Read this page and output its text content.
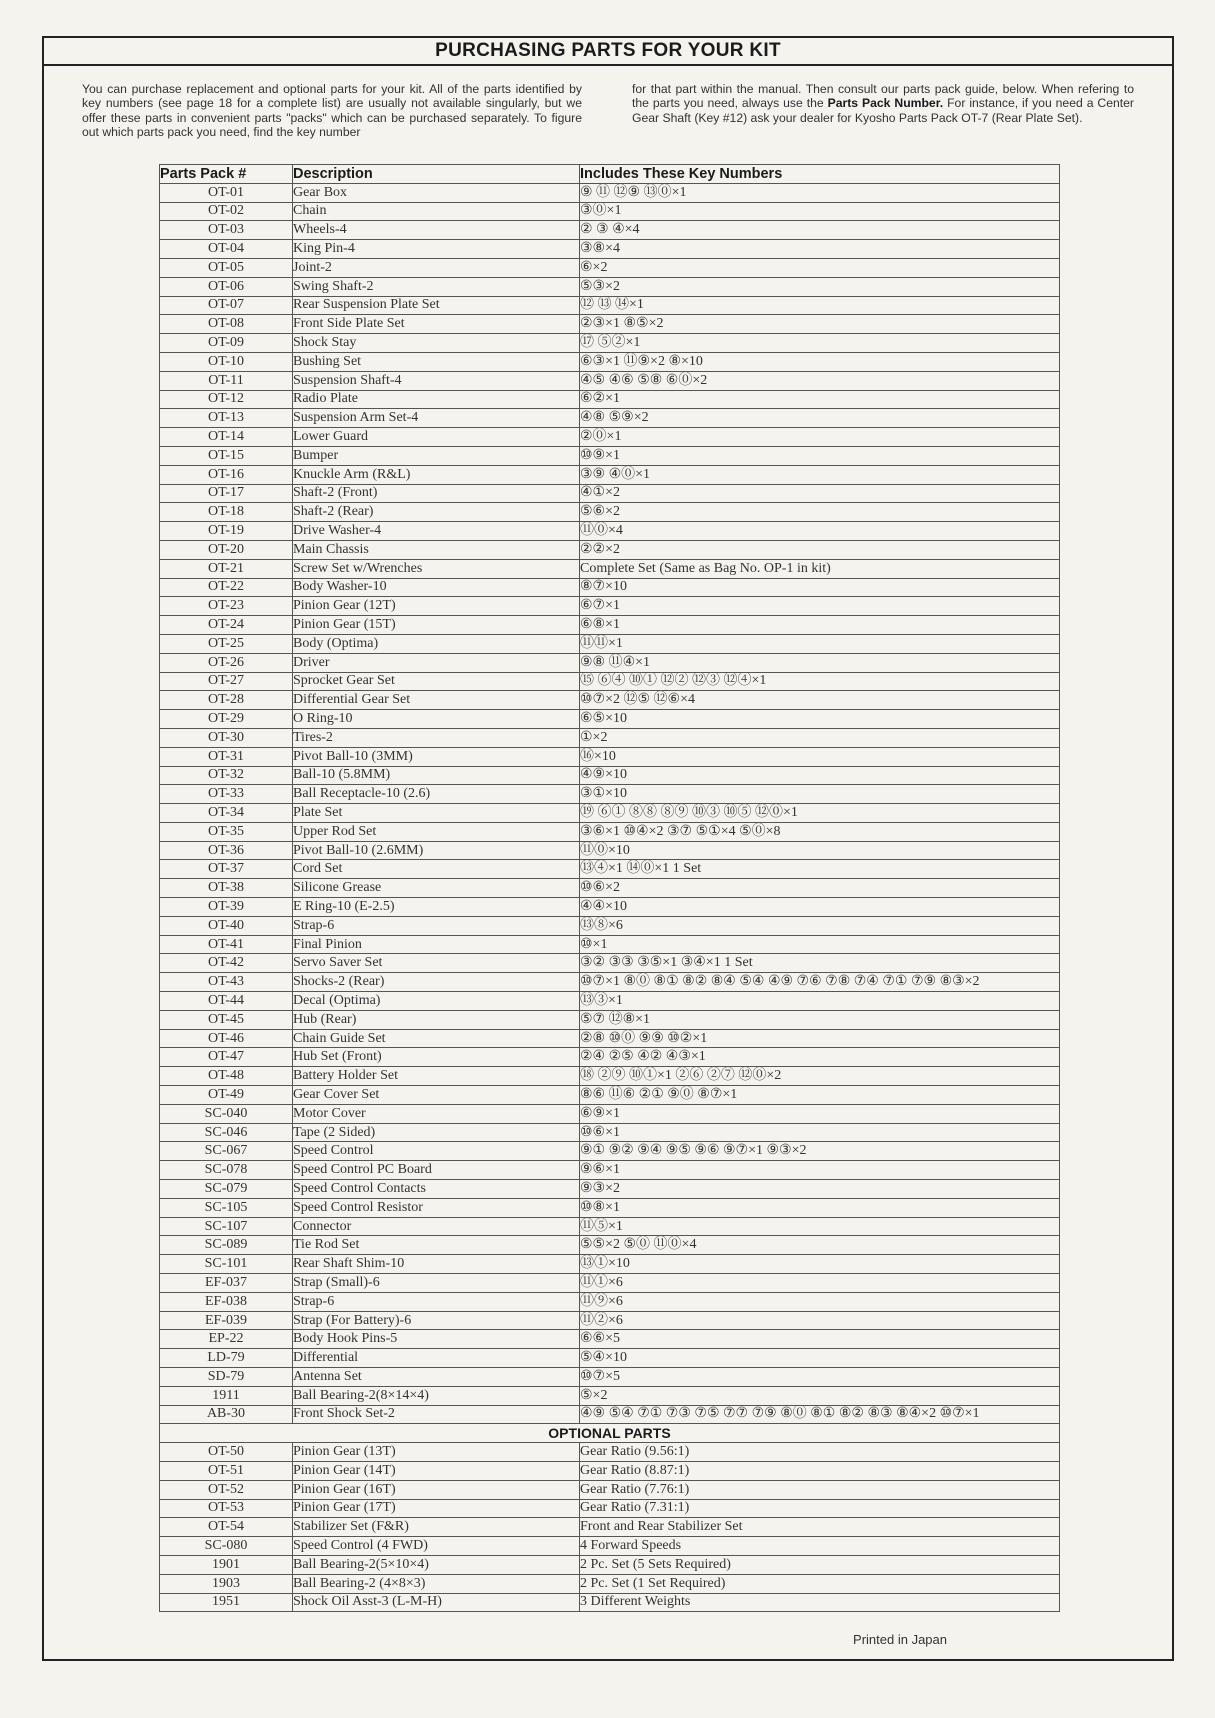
PURCHASING PARTS FOR YOUR KIT
You can purchase replacement and optional parts for your kit. All of the parts identified by key numbers (see page 18 for a complete list) are usually not available singularly, but we offer these parts in convenient parts "packs" which can be purchased separately. To figure out which parts pack you need, find the key number
for that part within the manual. Then consult our parts pack guide, below. When refering to the parts you need, always use the Parts Pack Number. For instance, if you need a Center Gear Shaft (Key #12) ask your dealer for Kyosho Parts Pack OT-7 (Rear Plate Set).
Parts Pack #	Description	Includes These Key Numbers
OT-01	Gear Box	⑨ ⑪ ⑫⑨ ⑬⓪×1
OT-02	Chain	③⓪×1
OT-03	Wheels-4	② ③ ④×4
OT-04	King Pin-4	③⑧×4
OT-05	Joint-2	⑥×2
OT-06	Swing Shaft-2	⑤③×2
OT-07	Rear Suspension Plate Set	⑫ ⑬ ⑭×1
OT-08	Front Side Plate Set	②③×1 ⑧⑤×2
OT-09	Shock Stay	⑰ ⑤②×1
OT-10	Bushing Set	⑥③×1 ⑪⑨×2 ⑧×10
OT-11	Suspension Shaft-4	④⑤ ④⑥ ⑤⑧ ⑥⓪×2
OT-12	Radio Plate	⑥②×1
OT-13	Suspension Arm Set-4	④⑧ ⑤⑨×2
OT-14	Lower Guard	②⓪×1
OT-15	Bumper	⑩⑨×1
OT-16	Knuckle Arm (R&L)	③⑨ ④⓪×1
OT-17	Shaft-2 (Front)	④①×2
OT-18	Shaft-2 (Rear)	⑤⑥×2
OT-19	Drive Washer-4	⑪⓪×4
OT-20	Main Chassis	②②×2
OT-21	Screw Set w/Wrenches	Complete Set (Same as Bag No. OP-1 in kit)
OT-22	Body Washer-10	⑧⑦×10
OT-23	Pinion Gear (12T)	⑥⑦×1
OT-24	Pinion Gear (15T)	⑥⑧×1
OT-25	Body (Optima)	⑪⑪×1
OT-26	Driver	⑨⑧ ⑪④×1
OT-27	Sprocket Gear Set	⑮ ⑥④ ⑩① ⑫② ⑫③ ⑫④×1
OT-28	Differential Gear Set	⑩⑦×2 ⑫⑤ ⑫⑥×4
OT-29	O Ring-10	⑥⑤×10
OT-30	Tires-2	①×2
OT-31	Pivot Ball-10 (3MM)	⑯×10
OT-32	Ball-10 (5.8MM)	④⑨×10
OT-33	Ball Receptacle-10 (2.6)	③①×10
OT-34	Plate Set	⑲ ⑥① ⑧⑧ ⑧⑨ ⑩③ ⑩⑤ ⑫⓪×1
OT-35	Upper Rod Set	③⑥×1 ⑩④×2 ③⑦ ⑤①×4 ⑤⓪×8
OT-36	Pivot Ball-10 (2.6MM)	⑪⓪×10
OT-37	Cord Set	⑬④×1 ⑭⓪×1 1 Set
OT-38	Silicone Grease	⑩⑥×2
OT-39	E Ring-10 (E-2.5)	④④×10
OT-40	Strap-6	⑬⑧×6
OT-41	Final Pinion	⑩×1
OT-42	Servo Saver Set	③② ③③ ③⑤×1 ③④×1 1 Set
OT-43	Shocks-2 (Rear)	⑩⑦×1 ⑧⓪ ⑧① ⑧② ⑧④ ⑤④ ④⑨ ⑦⑥ ⑦⑧ ⑦④ ⑦① ⑦⑨ ⑧③×2
OT-44	Decal (Optima)	⑬③×1
OT-45	Hub (Rear)	⑤⑦ ⑫⑧×1
OT-46	Chain Guide Set	②⑧ ⑩⓪ ⑨⑨ ⑩②×1
OT-47	Hub Set (Front)	②④ ②⑤ ④② ④③×1
OT-48	Battery Holder Set	⑱ ②⑨ ⑩①×1 ②⑥ ②⑦ ⑫⓪×2
OT-49	Gear Cover Set	⑧⑥ ⑪⑥ ②① ⑨⓪ ⑧⑦×1
SC-040	Motor Cover	⑥⑨×1
SC-046	Tape (2 Sided)	⑩⑥×1
SC-067	Speed Control	⑨① ⑨② ⑨④ ⑨⑤ ⑨⑥ ⑨⑦×1 ⑨③×2
SC-078	Speed Control PC Board	⑨⑥×1
SC-079	Speed Control Contacts	⑨③×2
SC-105	Speed Control Resistor	⑩⑧×1
SC-107	Connector	⑪⑤×1
SC-089	Tie Rod Set	⑤⑤×2 ⑤⓪ ⑪⓪×4
SC-101	Rear Shaft Shim-10	⑬①×10
EF-037	Strap (Small)-6	⑪①×6
EF-038	Strap-6	⑪⑨×6
EF-039	Strap (For Battery)-6	⑪②×6
EP-22	Body Hook Pins-5	⑥⑥×5
LD-79	Differential	⑤④×10
SD-79	Antenna Set	⑩⑦×5
1911	Ball Bearing-2(8×14×4)	⑤×2
AB-30	Front Shock Set-2	④⑨ ⑤④ ⑦① ⑦③ ⑦⑤ ⑦⑦ ⑦⑨ ⑧⓪ ⑧① ⑧② ⑧③ ⑧④×2 ⑩⑦×1
OPTIONAL PARTS		
OT-50	Pinion Gear (13T)	Gear Ratio (9.56:1)
OT-51	Pinion Gear (14T)	Gear Ratio (8.87:1)
OT-52	Pinion Gear (16T)	Gear Ratio (7.76:1)
OT-53	Pinion Gear (17T)	Gear Ratio (7.31:1)
OT-54	Stabilizer Set (F&R)	Front and Rear Stabilizer Set
SC-080	Speed Control (4 FWD)	4 Forward Speeds
1901	Ball Bearing-2(5×10×4)	2 Pc. Set (5 Sets Required)
1903	Ball Bearing-2 (4×8×3)	2 Pc. Set (1 Set Required)
1951	Shock Oil Asst-3 (L-M-H)	3 Different Weights
Printed in Japan
